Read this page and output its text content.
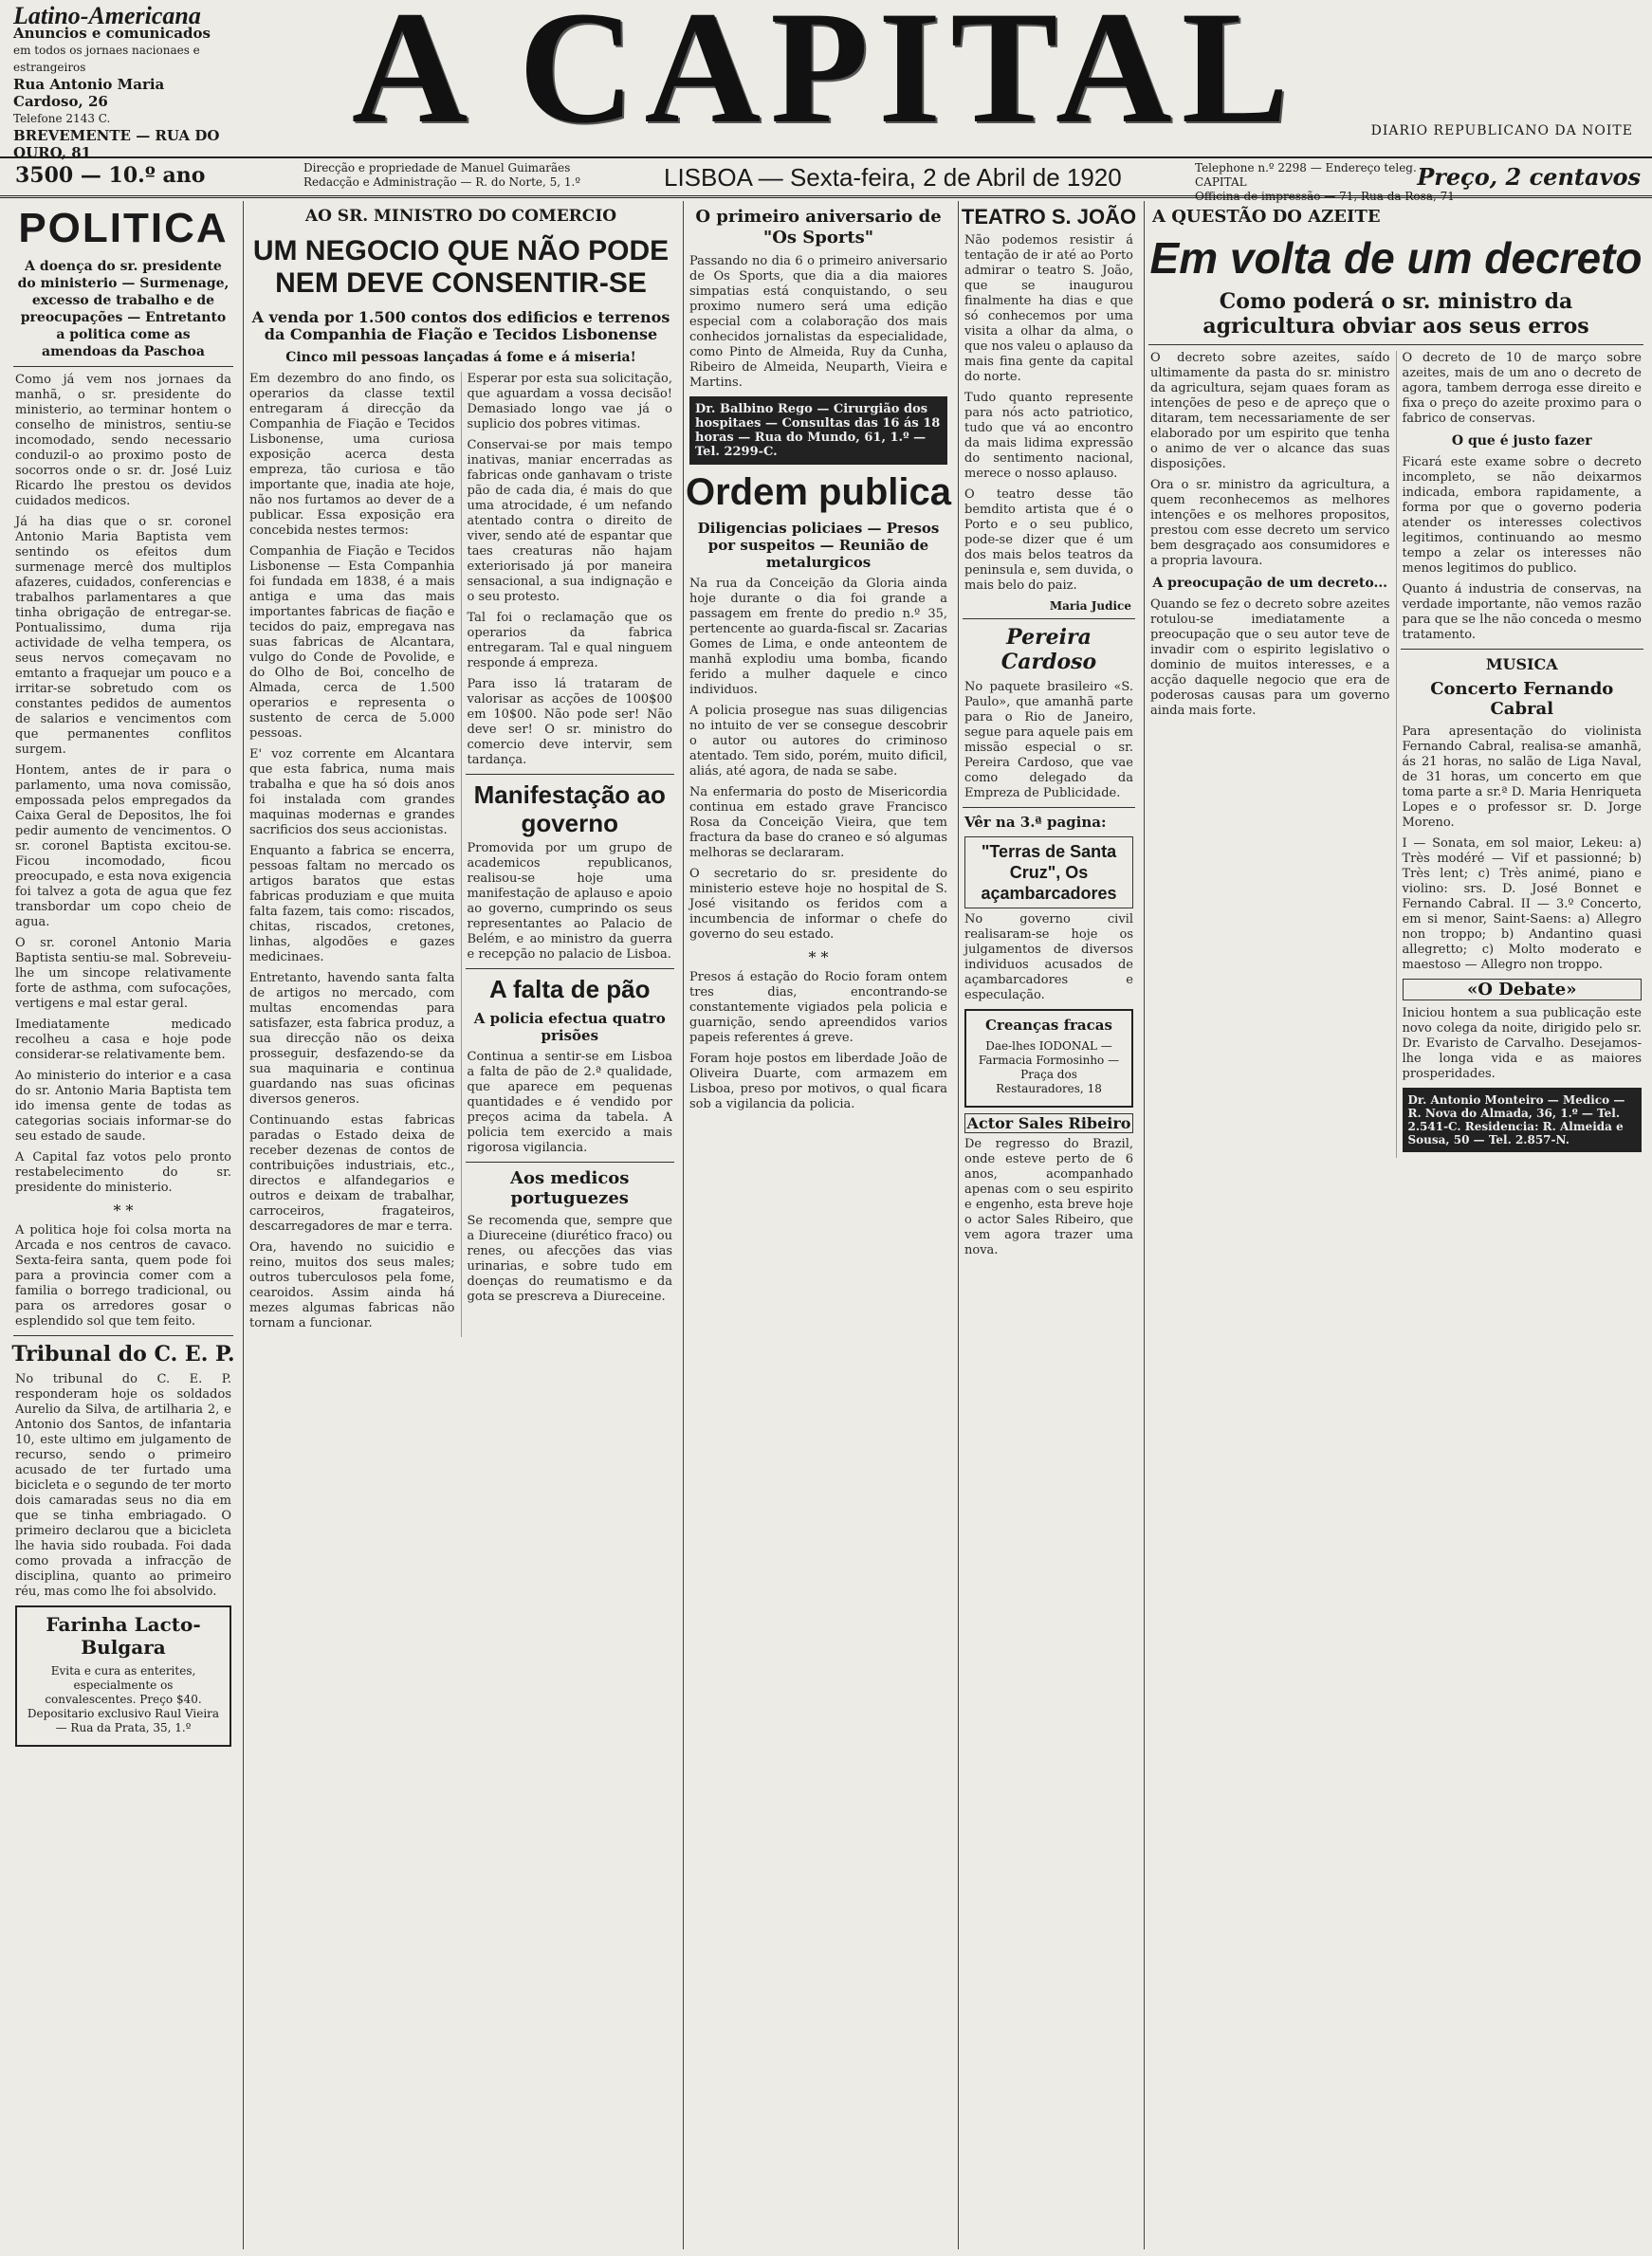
Latino-Americana
Anuncios e comunicados
em todos os jornaes nacionaes e estrangeiros
Rua Antonio Maria Cardoso, 26
Telefone 2143 C.
BREVEMENTE — RUA DO OURO, 81	A CAPITAL	DIARIO REPUBLICANO DA NOITE
3500 — 10.º ano	Direcção e propriedade de Manuel Guimarães
Redacção e Administração — R. do Norte, 5, 1.º	LISBOA — Sexta-feira, 2 de Abril de 1920	Telephone n.º 2298 — Endereço teleg. CAPITAL
Officina de impressão — 71, Rua da Rosa, 71
Preço, 2 centavos
POLITICA
A doença do sr. presidente do ministerio — Surmenage, excesso de trabalho e de preocupações — Entretanto a politica come as amendoas da Paschoa

Como já vem nos jornaes da manhã, o sr. presidente do ministerio, ao terminar hontem o conselho de ministros, sentiu-se incomodado, sendo necessario conduzil-o ao proximo posto de socorros onde o sr. dr. José Luiz Ricardo lhe prestou os devidos cuidados medicos.

Já ha dias que o sr. coronel Antonio Maria Baptista vem sentindo os efeitos dum surmenage mercê dos multiplos afazeres, cuidados, conferencias e trabalhos parlamentares a que tinha obrigação de entregar-se. Pontualissimo, duma rija actividade de velha tempera, os seus nervos começavam no emtanto a fraquejar um pouco e a irritar-se sobretudo com os constantes pedidos de aumentos de salarios e vencimentos com que permanentes conflitos surgem.

Hontem, antes de ir para o parlamento, uma nova comissão, empossada pelos empregados da Caixa Geral de Depositos, lhe foi pedir aumento de vencimentos. O sr. coronel Baptista excitou-se. Ficou incomodado, ficou preocupado, e esta nova exigencia foi talvez a gota de agua que fez transbordar um copo cheio de agua.

O sr. coronel Antonio Maria Baptista sentiu-se mal. Sobreveiu-lhe um sincope relativamente forte de asthma, com sufocações, vertigens e mal estar geral.

Imediatamente medicado recolheu a casa e hoje pode considerar-se relativamente bem.

Ao ministerio do interior e a casa do sr. Antonio Maria Baptista tem ido imensa gente de todas as categorias sociais informar-se do seu estado de saude.

A Capital faz votos pelo pronto restabelecimento do sr. presidente do ministerio.

* *

A politica hoje foi colsa morta na Arcada e nos centros de cavaco. Sexta-feira santa, quem pode foi para a provincia comer com a familia o borrego tradicional, ou para os arredores gosar o esplendido sol que tem feito.

Tribunal do C. E. P.

No tribunal do C. E. P. responderam hoje os soldados Aurelio da Silva, de artilharia 2, e Antonio dos Santos, de infantaria 10, este ultimo em julgamento de recurso, sendo o primeiro acusado de ter furtado uma bicicleta e o segundo de ter morto dois camaradas seus no dia em que se tinha embriagado. O primeiro declarou que a bicicleta lhe havia sido roubada. Foi dada como provada a infracção de disciplina, quanto ao primeiro réu, mas como lhe foi absolvido.

Farinha Lacto-Bulgara
Evita e cura as enterites, especialmente os convalescentes. Preço $40. Depositario exclusivo Raul Vieira — Rua da Prata, 35, 1.º
AO SR. MINISTRO DO COMERCIO
UM NEGOCIO QUE NÃO PODE NEM DEVE CONSENTIR-SE
A venda por 1.500 contos dos edificios e terrenos da Companhia de Fiação e Tecidos Lisbonense
Cinco mil pessoas lançadas á fome e á miseria!

Em dezembro do ano findo, os operarios da classe textil entregaram á direcção da Companhia de Fiação e Tecidos Lisbonense, uma curiosa exposição acerca desta empreza, tão curiosa e tão importante que, inadia ate hoje, não nos furtamos ao dever de a publicar. Essa exposição era concebida nestes termos:

Companhia de Fiação e Tecidos Lisbonense — Esta Companhia foi fundada em 1838, é a mais antiga e uma das mais importantes fabricas de fiação e tecidos do paiz, empregava nas suas fabricas de Alcantara, vulgo do Conde de Povolide, e do Olho de Boi, concelho de Almada, cerca de 1.500 operarios e representa o sustento de cerca de 5.000 pessoas.

E' voz corrente em Alcantara que esta fabrica, numa mais trabalha e que ha só dois anos foi instalada com grandes maquinas modernas e grandes sacrificios dos seus accionistas.

Enquanto a fabrica se encerra, pessoas faltam no mercado os artigos baratos que estas fabricas produziam e que muita falta fazem, tais como: riscados, chitas, riscados, cretones, linhas, algodões e gazes medicinaes.

Entretanto, havendo santa falta de artigos no mercado, com multas encomendas para satisfazer, esta fabrica produz, a sua direcção não os deixa prosseguir, desfazendo-se da sua maquinaria e continua guardando nas suas oficinas diversos generos.

Continuando estas fabricas paradas o Estado deixa de receber dezenas de contos de contribuições industriais, etc., directos e alfandegarios e outros e deixam de trabalhar, carroceiros, fragateiros, descarregadores de mar e terra.

Ora, havendo no suicidio e reino, muitos dos seus males; outros tuberculosos pela fome, cearoidos. Assim ainda há mezes algumas fabricas não tornam a funcionar.

Esperar por esta sua solicitação, que aguardam a vossa decisão! Demasiado longo vae já o suplicio dos pobres vitimas.

Conservai-se por mais tempo inativas, maniar encerradas as fabricas onde ganhavam o triste pão de cada dia, é mais do que uma atrocidade, é um nefando atentado contra o direito de viver, sendo até de espantar que taes creaturas não hajam exteriorisado já por maneira sensacional, a sua indignação e o seu protesto.

Tal foi o reclamação que os operarios da fabrica entregaram. Tal e qual ninguem responde á empreza.

Para isso lá trataram de valorisar as acções de 100$00 em 10$00. Não pode ser! Não deve ser! O sr. ministro do comercio deve intervir, sem tardança.

Manifestação ao governo

Promovida por um grupo de academicos republicanos, realisou-se hoje uma manifestação de aplauso e apoio ao governo, cumprindo os seus representantes ao Palacio de Belém, e ao ministro da guerra e recepção no palacio de Lisboa.

A falta de pão
A policia efectua quatro prisões

Continua a sentir-se em Lisboa a falta de pão de 2.ª qualidade, que aparece em pequenas quantidades e é vendido por preços acima da tabela. A policia tem exercido a mais rigorosa vigilancia.

Aos medicos portuguezes

Se recomenda que, sempre que a Diureceine (diurético fraco) ou renes, ou afecções das vias urinarias, e sobre tudo em doenças do reumatismo e da gota se prescreva a Diureceine.

O primeiro aniversario de "Os Sports"

Passando no dia 6 o primeiro aniversario de Os Sports, que dia a dia maiores simpatias está conquistando, o seu proximo numero será uma edição especial com a colaboração dos mais conhecidos jornalistas da especialidade, como Pinto de Almeida, Ruy da Cunha, Ribeiro de Almeida, Neuparth, Vieira e Martins.

Dr. Balbino Rego — Cirurgião dos hospitaes — Consultas das 16 ás 18 horas — Rua do Mundo, 61, 1.º — Tel. 2299-C.
Ordem publica
Diligencias policiaes — Presos por suspeitos — Reunião de metalurgicos

Na rua da Conceição da Gloria ainda hoje durante o dia foi grande a passagem em frente do predio n.º 35, pertencente ao guarda-fiscal sr. Zacarias Gomes de Lima, e onde anteontem de manhã explodiu uma bomba, ficando ferido a mulher daquele e cinco individuos.

A policia prosegue nas suas diligencias no intuito de ver se consegue descobrir o autor ou autores do criminoso atentado. Tem sido, porém, muito dificil, aliás, até agora, de nada se sabe.

Na enfermaria do posto de Misericordia continua em estado grave Francisco Rosa da Conceição Vieira, que tem fractura da base do craneo e só algumas melhoras se declararam.

O secretario do sr. presidente do ministerio esteve hoje no hospital de S. José visitando os feridos com a incumbencia de informar o chefe do governo do seu estado.

* *

Presos á estação do Rocio foram ontem tres dias, encontrando-se constantemente vigiados pela policia e guarnição, sendo apreendidos varios papeis referentes á greve.

Foram hoje postos em liberdade João de Oliveira Duarte, com armazem em Lisboa, preso por motivos, o qual ficara sob a vigilancia da policia.

TEATRO S. JOÃO

Não podemos resistir á tentação de ir até ao Porto admirar o teatro S. João, que se inaugurou finalmente ha dias e que só conhecemos por uma visita a olhar da alma, o que nos valeu o aplauso da mais fina gente da capital do norte.

Tudo quanto represente para nós acto patriotico, tudo que vá ao encontro da mais lidima expressão do sentimento nacional, merece o nosso aplauso.

O teatro desse tão bemdito artista que é o Porto e o seu publico, pode-se dizer que é um dos mais belos teatros da peninsula e, sem duvida, o mais belo do paiz.

Maria Judice
Pereira Cardoso

No paquete brasileiro «S. Paulo», que amanhã parte para o Rio de Janeiro, segue para aquele pais em missão especial o sr. Pereira Cardoso, que vae como delegado da Empreza de Publicidade.

Vêr na 3.ª pagina:
"Terras de Santa Cruz", Os açambarcadores

No governo civil realisaram-se hoje os julgamentos de diversos individuos acusados de açambarcadores e especulação.

Creanças fracas
Dae-lhes IODONAL — Farmacia Formosinho — Praça dos Restauradores, 18
Actor Sales Ribeiro

De regresso do Brazil, onde esteve perto de 6 anos, acompanhado apenas com o seu espirito e engenho, esta breve hoje o actor Sales Ribeiro, que vem agora trazer uma nova.

A QUESTÃO DO AZEITE
Em volta de um decreto
Como poderá o sr. ministro da agricultura obviar aos seus erros

O decreto sobre azeites, saído ultimamente da pasta do sr. ministro da agricultura, sejam quaes foram as intenções de peso e de apreço que o ditaram, tem necessariamente de ser elaborado por um espirito que tenha o animo de ver o alcance das suas disposições.

Ora o sr. ministro da agricultura, a quem reconhecemos as melhores intenções e os melhores propositos, prestou com esse decreto um servico bem desgraçado aos consumidores e a propria lavoura.

A preocupação de um decreto...

Quando se fez o decreto sobre azeites rotulou-se imediatamente a preocupação que o seu autor teve de invadir com o espirito legislativo o dominio de muitos interesses, e a acção daquelle negocio que era de poderosas causas para um governo ainda mais forte.

O decreto de 10 de março sobre azeites, mais de um ano o decreto de agora, tambem derroga esse direito e fixa o preço do azeite proximo para o fabrico de conservas.

O que é justo fazer

Ficará este exame sobre o decreto incompleto, se não deixarmos indicada, embora rapidamente, a forma por que o governo poderia atender os interesses colectivos legitimos, continuando ao mesmo tempo a zelar os interesses não menos legitimos do publico.

Quanto á industria de conservas, na verdade importante, não vemos razão para que se lhe não conceda o mesmo tratamento.

MUSICA
Concerto Fernando Cabral

Para apresentação do violinista Fernando Cabral, realisa-se amanhã, ás 21 horas, no salão de Liga Naval, de 31 horas, um concerto em que toma parte a sr.ª D. Maria Henriqueta Lopes e o professor sr. D. Jorge Moreno.

I — Sonata, em sol maior, Lekeu: a) Très modéré — Vif et passionné; b) Très lent; c) Très animé, piano e violino: srs. D. José Bonnet e Fernando Cabral. II — 3.º Concerto, em si menor, Saint-Saens: a) Allegro non troppo; b) Andantino quasi allegretto; c) Molto moderato e maestoso — Allegro non troppo.

«O Debate»

Iniciou hontem a sua publicação este novo colega da noite, dirigido pelo sr. Dr. Evaristo de Carvalho. Desejamos-lhe longa vida e as maiores prosperidades.

Dr. Antonio Monteiro — Medico — R. Nova do Almada, 36, 1.º — Tel. 2.541-C. Residencia: R. Almeida e Sousa, 50 — Tel. 2.857-N.
